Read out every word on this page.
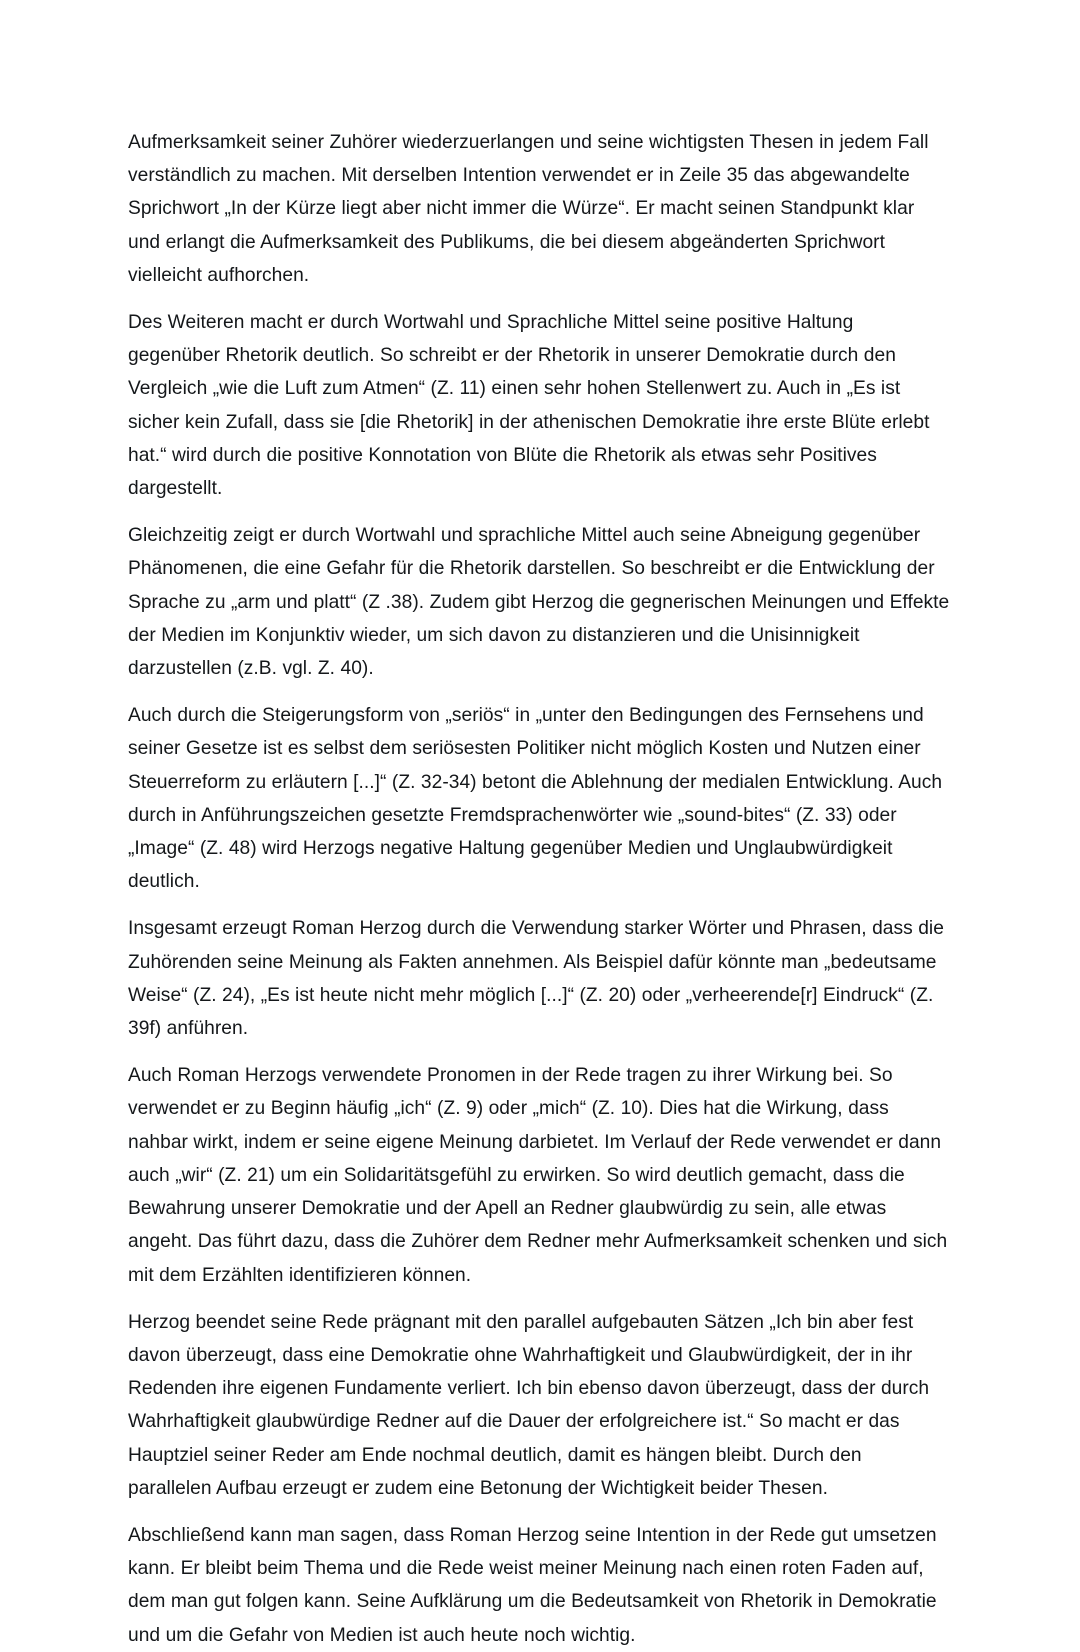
Aufmerksamkeit seiner Zuhörer wiederzuerlangen und seine wichtigsten Thesen in jedem Fall verständlich zu machen. Mit derselben Intention verwendet er in Zeile 35 das abgewandelte Sprichwort „In der Kürze liegt aber nicht immer die Würze“. Er macht seinen Standpunkt klar und erlangt die Aufmerksamkeit des Publikums, die bei diesem abgeänderten Sprichwort vielleicht aufhorchen.

Des Weiteren macht er durch Wortwahl und Sprachliche Mittel seine positive Haltung gegenüber Rhetorik deutlich. So schreibt er der Rhetorik in unserer Demokratie durch den Vergleich „wie die Luft zum Atmen“ (Z. 11) einen sehr hohen Stellenwert zu. Auch in „Es ist sicher kein Zufall, dass sie [die Rhetorik] in der athenischen Demokratie ihre erste Blüte erlebt hat.“ wird durch die positive Konnotation von Blüte die Rhetorik als etwas sehr Positives dargestellt.

Gleichzeitig zeigt er durch Wortwahl und sprachliche Mittel auch seine Abneigung gegenüber Phänomenen, die eine Gefahr für die Rhetorik darstellen. So beschreibt er die Entwicklung der Sprache zu „arm und platt“ (Z .38). Zudem gibt Herzog die gegnerischen Meinungen und Effekte der Medien im Konjunktiv wieder, um sich davon zu distanzieren und die Unisinnigkeit darzustellen (z.B. vgl. Z. 40).

Auch durch die Steigerungsform von „seriös“ in „unter den Bedingungen des Fernsehens und seiner Gesetze ist es selbst dem seriösesten Politiker nicht möglich Kosten und Nutzen einer Steuerreform zu erläutern [...]“ (Z. 32-34) betont die Ablehnung der medialen Entwicklung. Auch durch in Anführungszeichen gesetzte Fremdsprachenwörter wie „sound-bites“ (Z. 33) oder „Image“ (Z. 48) wird Herzogs negative Haltung gegenüber Medien und Unglaubwürdigkeit deutlich.

Insgesamt erzeugt Roman Herzog durch die Verwendung starker Wörter und Phrasen, dass die Zuhörenden seine Meinung als Fakten annehmen. Als Beispiel dafür könnte man „bedeutsame Weise“ (Z. 24), „Es ist heute nicht mehr möglich [...]“ (Z. 20) oder „verheerende[r] Eindruck“ (Z. 39f) anführen.

Auch Roman Herzogs verwendete Pronomen in der Rede tragen zu ihrer Wirkung bei. So verwendet er zu Beginn häufig „ich“ (Z. 9) oder „mich“ (Z. 10). Dies hat die Wirkung, dass nahbar wirkt, indem er seine eigene Meinung darbietet. Im Verlauf der Rede verwendet er dann auch „wir“ (Z. 21) um ein Solidaritätsgefühl zu erwirken. So wird deutlich gemacht, dass die Bewahrung unserer Demokratie und der Apell an Redner glaubwürdig zu sein, alle etwas angeht. Das führt dazu, dass die Zuhörer dem Redner mehr Aufmerksamkeit schenken und sich mit dem Erzählten identifizieren können.

Herzog beendet seine Rede prägnant mit den parallel aufgebauten Sätzen „Ich bin aber fest davon überzeugt, dass eine Demokratie ohne Wahrhaftigkeit und Glaubwürdigkeit, der in ihr Redenden ihre eigenen Fundamente verliert. Ich bin ebenso davon überzeugt, dass der durch Wahrhaftigkeit glaubwürdige Redner auf die Dauer der erfolgreichere ist.“ So macht er das Hauptziel seiner Reder am Ende nochmal deutlich, damit es hängen bleibt. Durch den parallelen Aufbau erzeugt er zudem eine Betonung der Wichtigkeit beider Thesen.

Abschließend kann man sagen, dass Roman Herzog seine Intention in der Rede gut umsetzen kann. Er bleibt beim Thema und die Rede weist meiner Meinung nach einen roten Faden auf, dem man gut folgen kann. Seine Aufklärung um die Bedeutsamkeit von Rhetorik in Demokratie und um die Gefahr von Medien ist auch heute noch wichtig.
